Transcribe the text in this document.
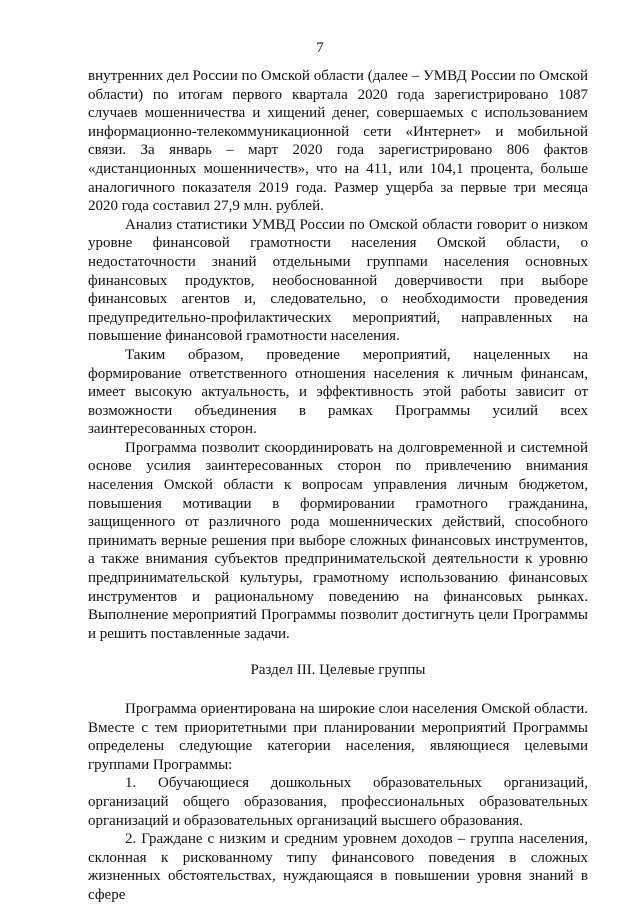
7

внутренних дел России по Омской области (далее – УМВД России по Омской области) по итогам первого квартала 2020 года зарегистрировано 1087 случаев мошенничества и хищений денег, совершаемых с использованием информационно-телекоммуникационной сети «Интернет» и мобильной связи. За январь – март 2020 года зарегистрировано 806 фактов «дистанционных мошенничеств», что на 411, или 104,1 процента, больше аналогичного показателя 2019 года. Размер ущерба за первые три месяца 2020 года составил 27,9 млн. рублей.

Анализ статистики УМВД России по Омской области говорит о низком уровне финансовой грамотности населения Омской области, о недостаточности знаний отдельными группами населения основных финансовых продуктов, необоснованной доверчивости при выборе финансовых агентов и, следовательно, о необходимости проведения предупредительно-профилактических мероприятий, направленных на повышение финансовой грамотности населения.

Таким образом, проведение мероприятий, нацеленных на формирование ответственного отношения населения к личным финансам, имеет высокую актуальность, и эффективность этой работы зависит от возможности объединения в рамках Программы усилий всех заинтересованных сторон.

Программа позволит скоординировать на долговременной и системной основе усилия заинтересованных сторон по привлечению внимания населения Омской области к вопросам управления личным бюджетом, повышения мотивации в формировании грамотного гражданина, защищенного от различного рода мошеннических действий, способного принимать верные решения при выборе сложных финансовых инструментов, а также внимания субъектов предпринимательской деятельности к уровню предпринимательской культуры, грамотному использованию финансовых инструментов и рациональному поведению на финансовых рынках. Выполнение мероприятий Программы позволит достигнуть цели Программы и решить поставленные задачи.

Раздел III. Целевые группы

Программа ориентирована на широкие слои населения Омской области. Вместе с тем приоритетными при планировании мероприятий Программы определены следующие категории населения, являющиеся целевыми группами Программы:

1. Обучающиеся дошкольных образовательных организаций, организаций общего образования, профессиональных образовательных организаций и образовательных организаций высшего образования.

2. Граждане с низким и средним уровнем доходов – группа населения, склонная к рискованному типу финансового поведения в сложных жизненных обстоятельствах, нуждающаяся в повышении уровня знаний в сфере
